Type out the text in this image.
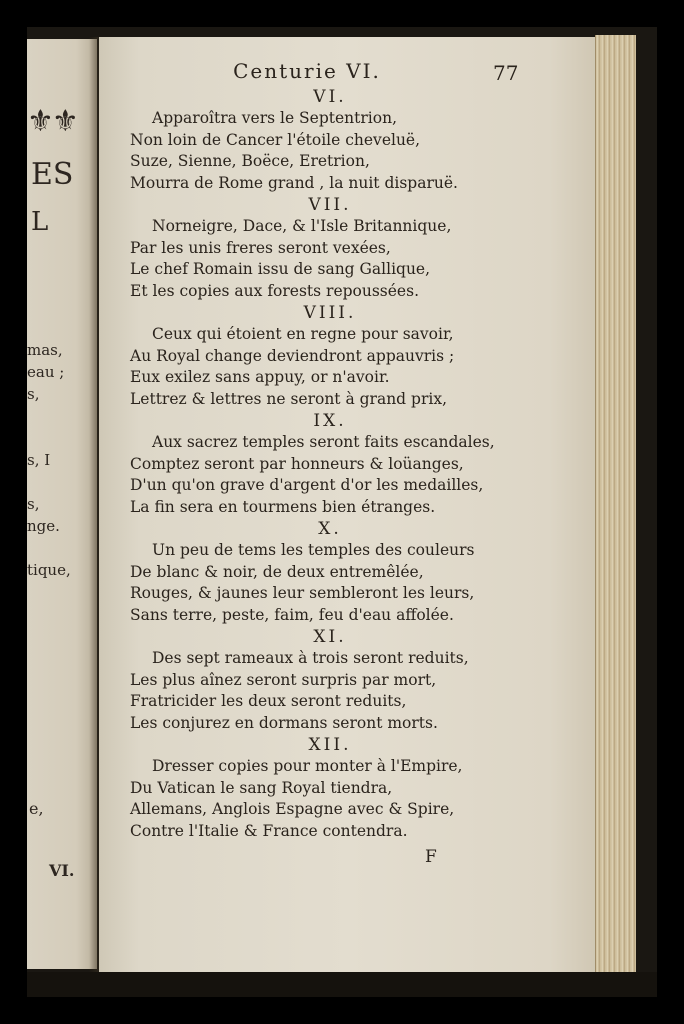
⚜⚜
ES
L
mas,
eau ;
s,
s, I
s,
nge.
tique,
e,
VI.
Centurie VI.	77
VI.
Apparoîtra vers le Septentrion,
Non loin de Cancer l'étoile cheveluë,
Suze, Sienne, Boëce, Eretrion,
Mourra de Rome grand , la nuit disparuë.
VII.
Norneigre, Dace, & l'Isle Britannique,
Par les unis freres seront vexées,
Le chef Romain issu de sang Gallique,
Et les copies aux forests repoussées.
VIII.
Ceux qui étoient en regne pour savoir,
Au Royal change deviendront appauvris ;
Eux exilez sans appuy, or n'avoir.
Lettrez & lettres ne seront à grand prix,
IX.
Aux sacrez temples seront faits escandales,
Comptez seront par honneurs & loüanges,
D'un qu'on grave d'argent d'or les medailles,
La fin sera en tourmens bien étranges.
X.
Un peu de tems les temples des couleurs
De blanc & noir, de deux entremêlée,
Rouges, & jaunes leur sembleront les leurs,
Sans terre, peste, faim, feu d'eau affolée.
XI.
Des sept rameaux à trois seront reduits,
Les plus aînez seront surpris par mort,
Fratricider les deux seront reduits,
Les conjurez en dormans seront morts.
XII.
Dresser copies pour monter à l'Empire,
Du Vatican le sang Royal tiendra,
Allemans, Anglois Espagne avec & Spire,
Contre l'Italie & France contendra.
F
